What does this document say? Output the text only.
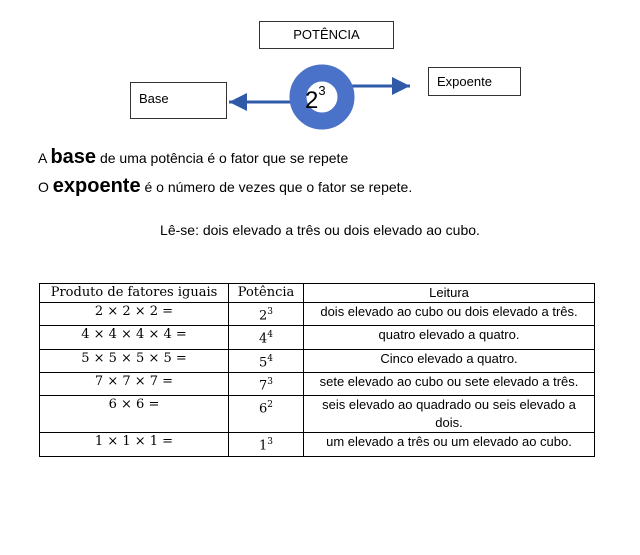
POTÊNCIA
$2^3$
Base
Expoente
A base de uma potência é o fator que se repete
O expoente é o número de vezes que o fator se repete.
Lê-se: dois elevado a três ou dois elevado ao cubo.
Produto de fatores iguais	Potência	Leitura
2 × 2 × 2 =	$2^3$	dois elevado ao cubo ou dois elevado a três.
4 × 4 × 4 × 4 =	$4^4$	quatro elevado a quatro.
5 × 5 × 5 × 5 =	$5^4$	Cinco elevado a quatro.
7 × 7 × 7 =	$7^3$	sete elevado ao cubo ou sete elevado a três.
6 × 6 =	$6^2$	seis elevado ao quadrado ou seis elevado a dois.
1 × 1 × 1 =	$1^3$	um elevado a três ou um elevado ao cubo.
